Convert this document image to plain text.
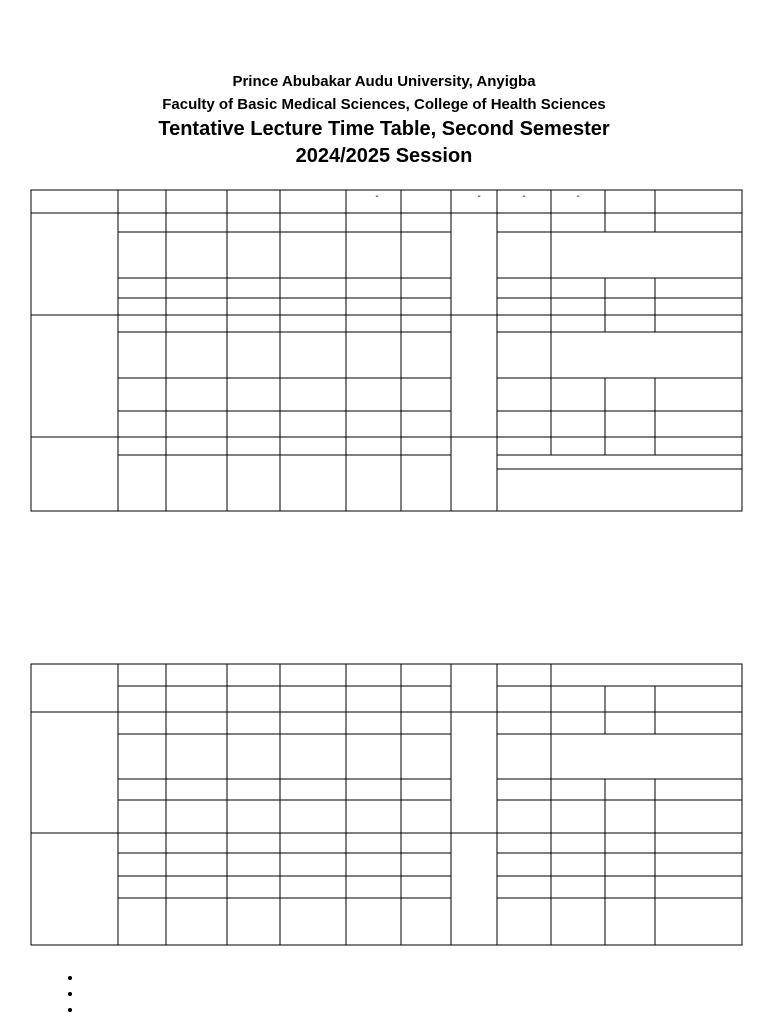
Prince Abubakar Audu University, Anyigba
Faculty of Basic Medical Sciences, College of Health Sciences
Tentative Lecture Time Table, Second Semester
2024/2025 Session
-	-	-	-
